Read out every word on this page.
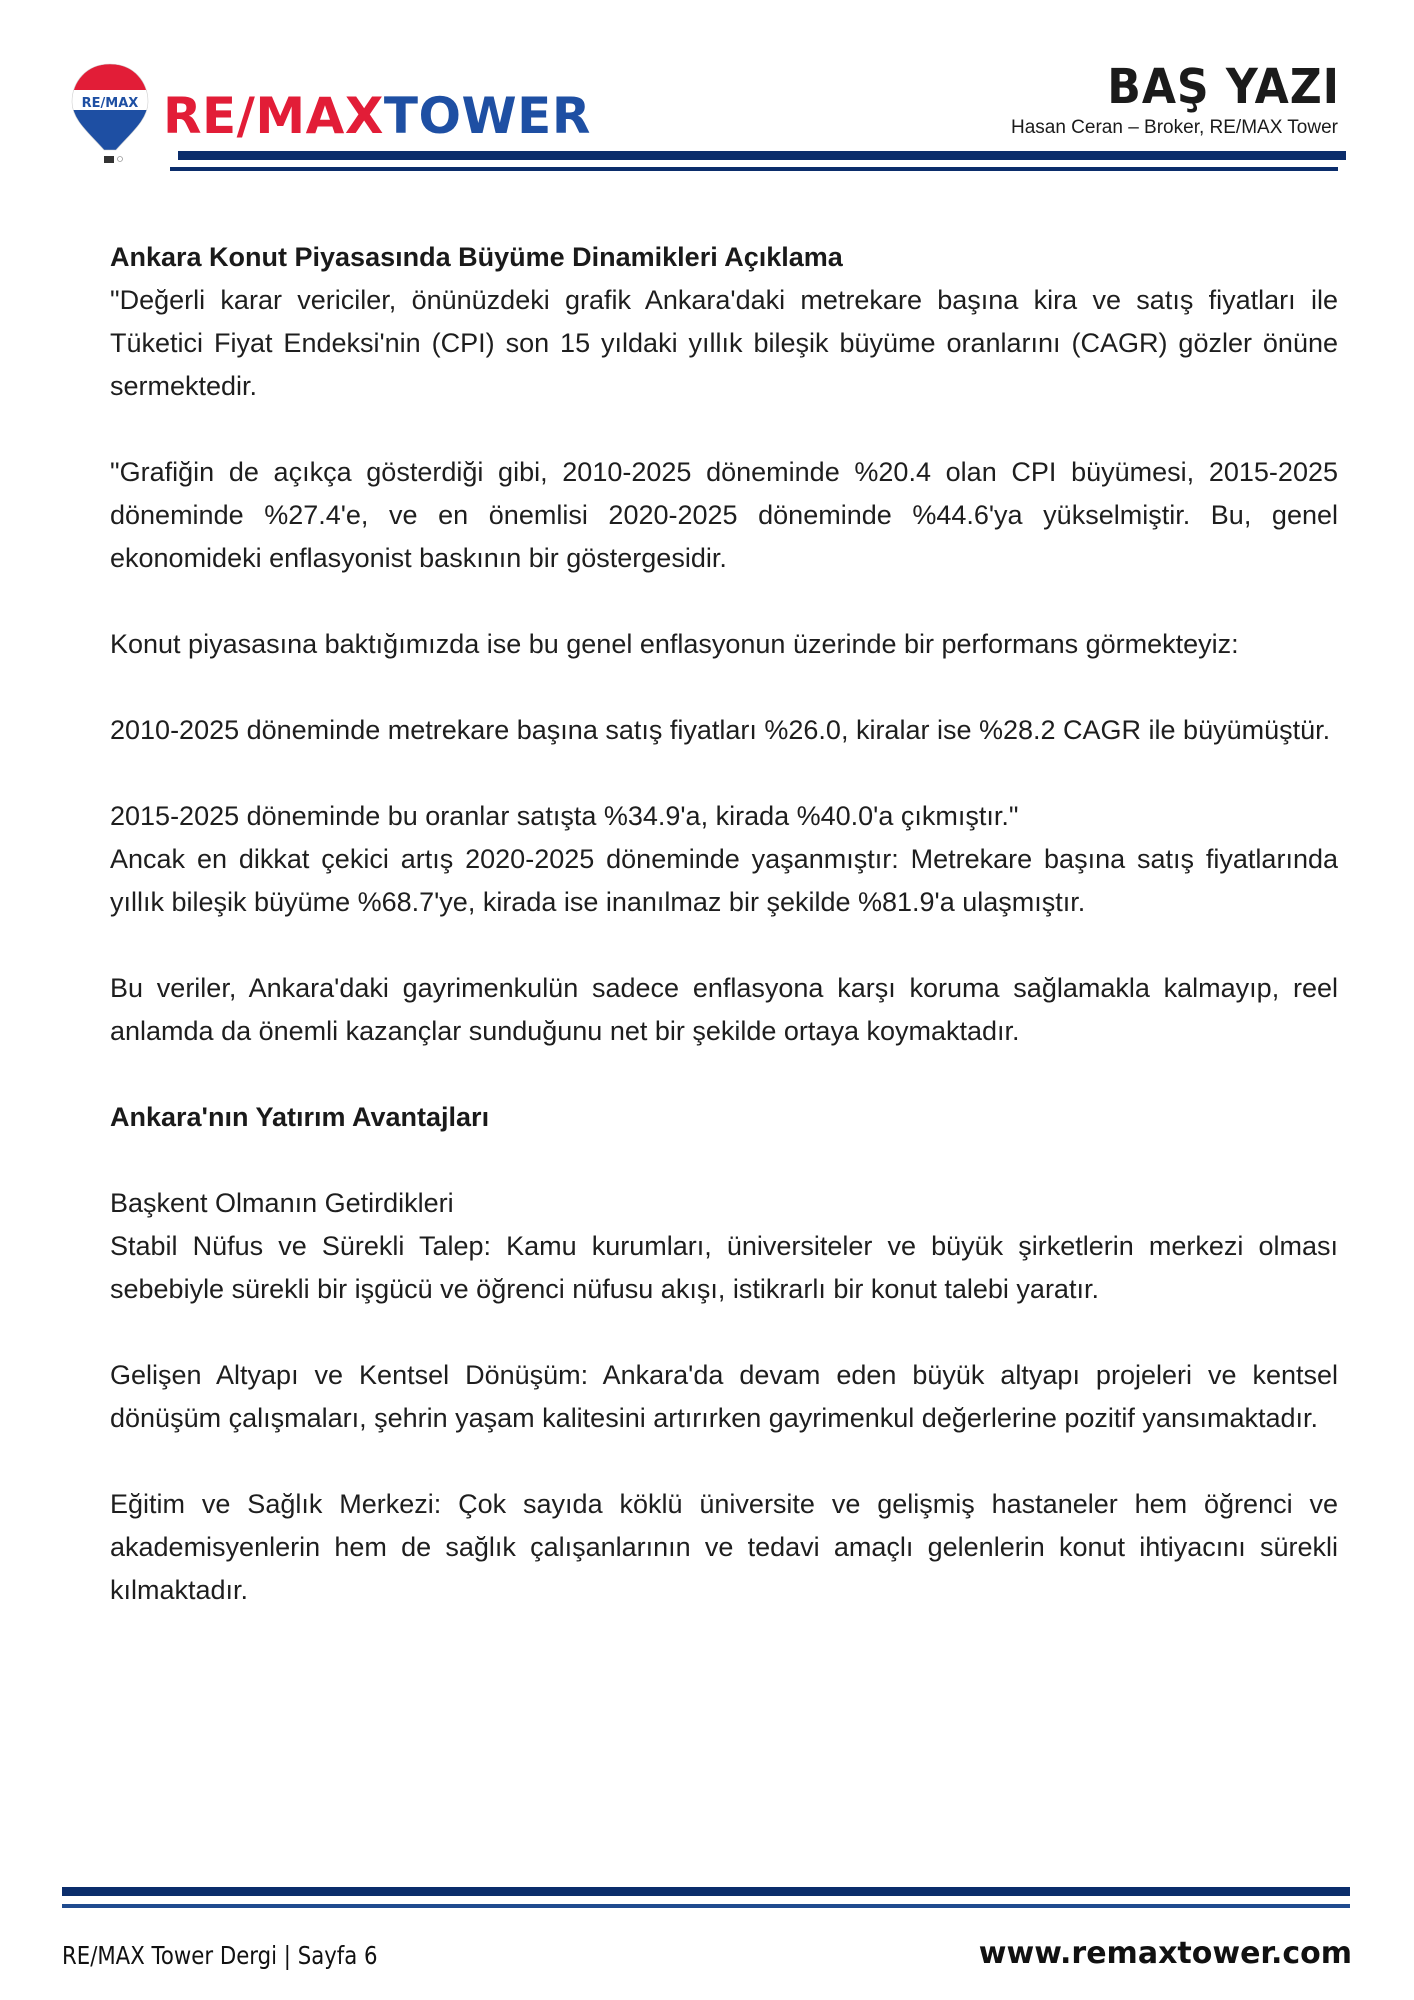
RE/MAX RE/MAXTOWER	BAŞ YAZI
Hasan Ceran – Broker, RE/MAX Tower
Ankara Konut Piyasasında Büyüme Dinamikleri Açıklama

"Değerli karar vericiler, önünüzdeki grafik Ankara'daki metrekare başına kira ve satış fiyatları ile Tüketici Fiyat Endeksi'nin (CPI) son 15 yıldaki yıllık bileşik büyüme oranlarını (CAGR) gözler önüne sermektedir.

"Grafiğin de açıkça gösterdiği gibi, 2010-2025 döneminde %20.4 olan CPI büyümesi, 2015-2025 döneminde %27.4'e, ve en önemlisi 2020-2025 döneminde %44.6'ya yükselmiştir. Bu, genel ekonomideki enflasyonist baskının bir göstergesidir.

Konut piyasasına baktığımızda ise bu genel enflasyonun üzerinde bir performans görmekteyiz:

2010-2025 döneminde metrekare başına satış fiyatları %26.0, kiralar ise %28.2 CAGR ile büyümüştür.

2015-2025 döneminde bu oranlar satışta %34.9'a, kirada %40.0'a çıkmıştır."

Ancak en dikkat çekici artış 2020-2025 döneminde yaşanmıştır: Metrekare başına satış fiyatlarında yıllık bileşik büyüme %68.7'ye, kirada ise inanılmaz bir şekilde %81.9'a ulaşmıştır.

Bu veriler, Ankara'daki gayrimenkulün sadece enflasyona karşı koruma sağlamakla kalmayıp, reel anlamda da önemli kazançlar sunduğunu net bir şekilde ortaya koymaktadır.

Ankara'nın Yatırım Avantajları

Başkent Olmanın Getirdikleri

Stabil Nüfus ve Sürekli Talep: Kamu kurumları, üniversiteler ve büyük şirketlerin merkezi olması sebebiyle sürekli bir işgücü ve öğrenci nüfusu akışı, istikrarlı bir konut talebi yaratır.

Gelişen Altyapı ve Kentsel Dönüşüm: Ankara'da devam eden büyük altyapı projeleri ve kentsel dönüşüm çalışmaları, şehrin yaşam kalitesini artırırken gayrimenkul değerlerine pozitif yansımaktadır.

Eğitim ve Sağlık Merkezi: Çok sayıda köklü üniversite ve gelişmiş hastaneler hem öğrenci ve akademisyenlerin hem de sağlık çalışanlarının ve tedavi amaçlı gelenlerin konut ihtiyacını sürekli kılmaktadır.

RE/MAX Tower Dergi | Sayfa 6	www.remaxtower.com
